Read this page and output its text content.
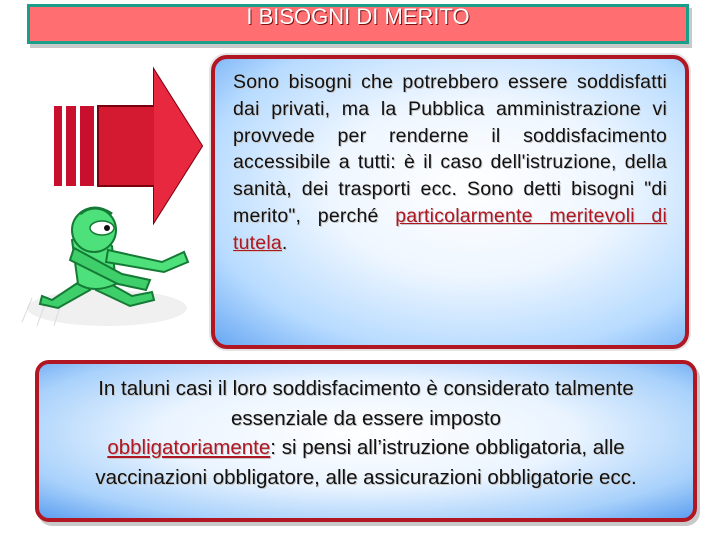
I BISOGNI DI MERITO
Sono bisogni che potrebbero essere soddisfatti dai privati, ma la Pubblica amministrazione vi provvede per renderne il soddisfacimento accessibile a tutti: è il caso dell'istruzione, della sanità, dei trasporti ecc. Sono detti bisogni "di merito", perché particolarmente meritevoli di tutela.
In taluni casi il loro soddisfacimento è considerato talmente essenziale da essere imposto
obbligatoriamente: si pensi all’istruzione obbligatoria, alle vaccinazioni obbligatore, alle assicurazioni obbligatorie ecc.
